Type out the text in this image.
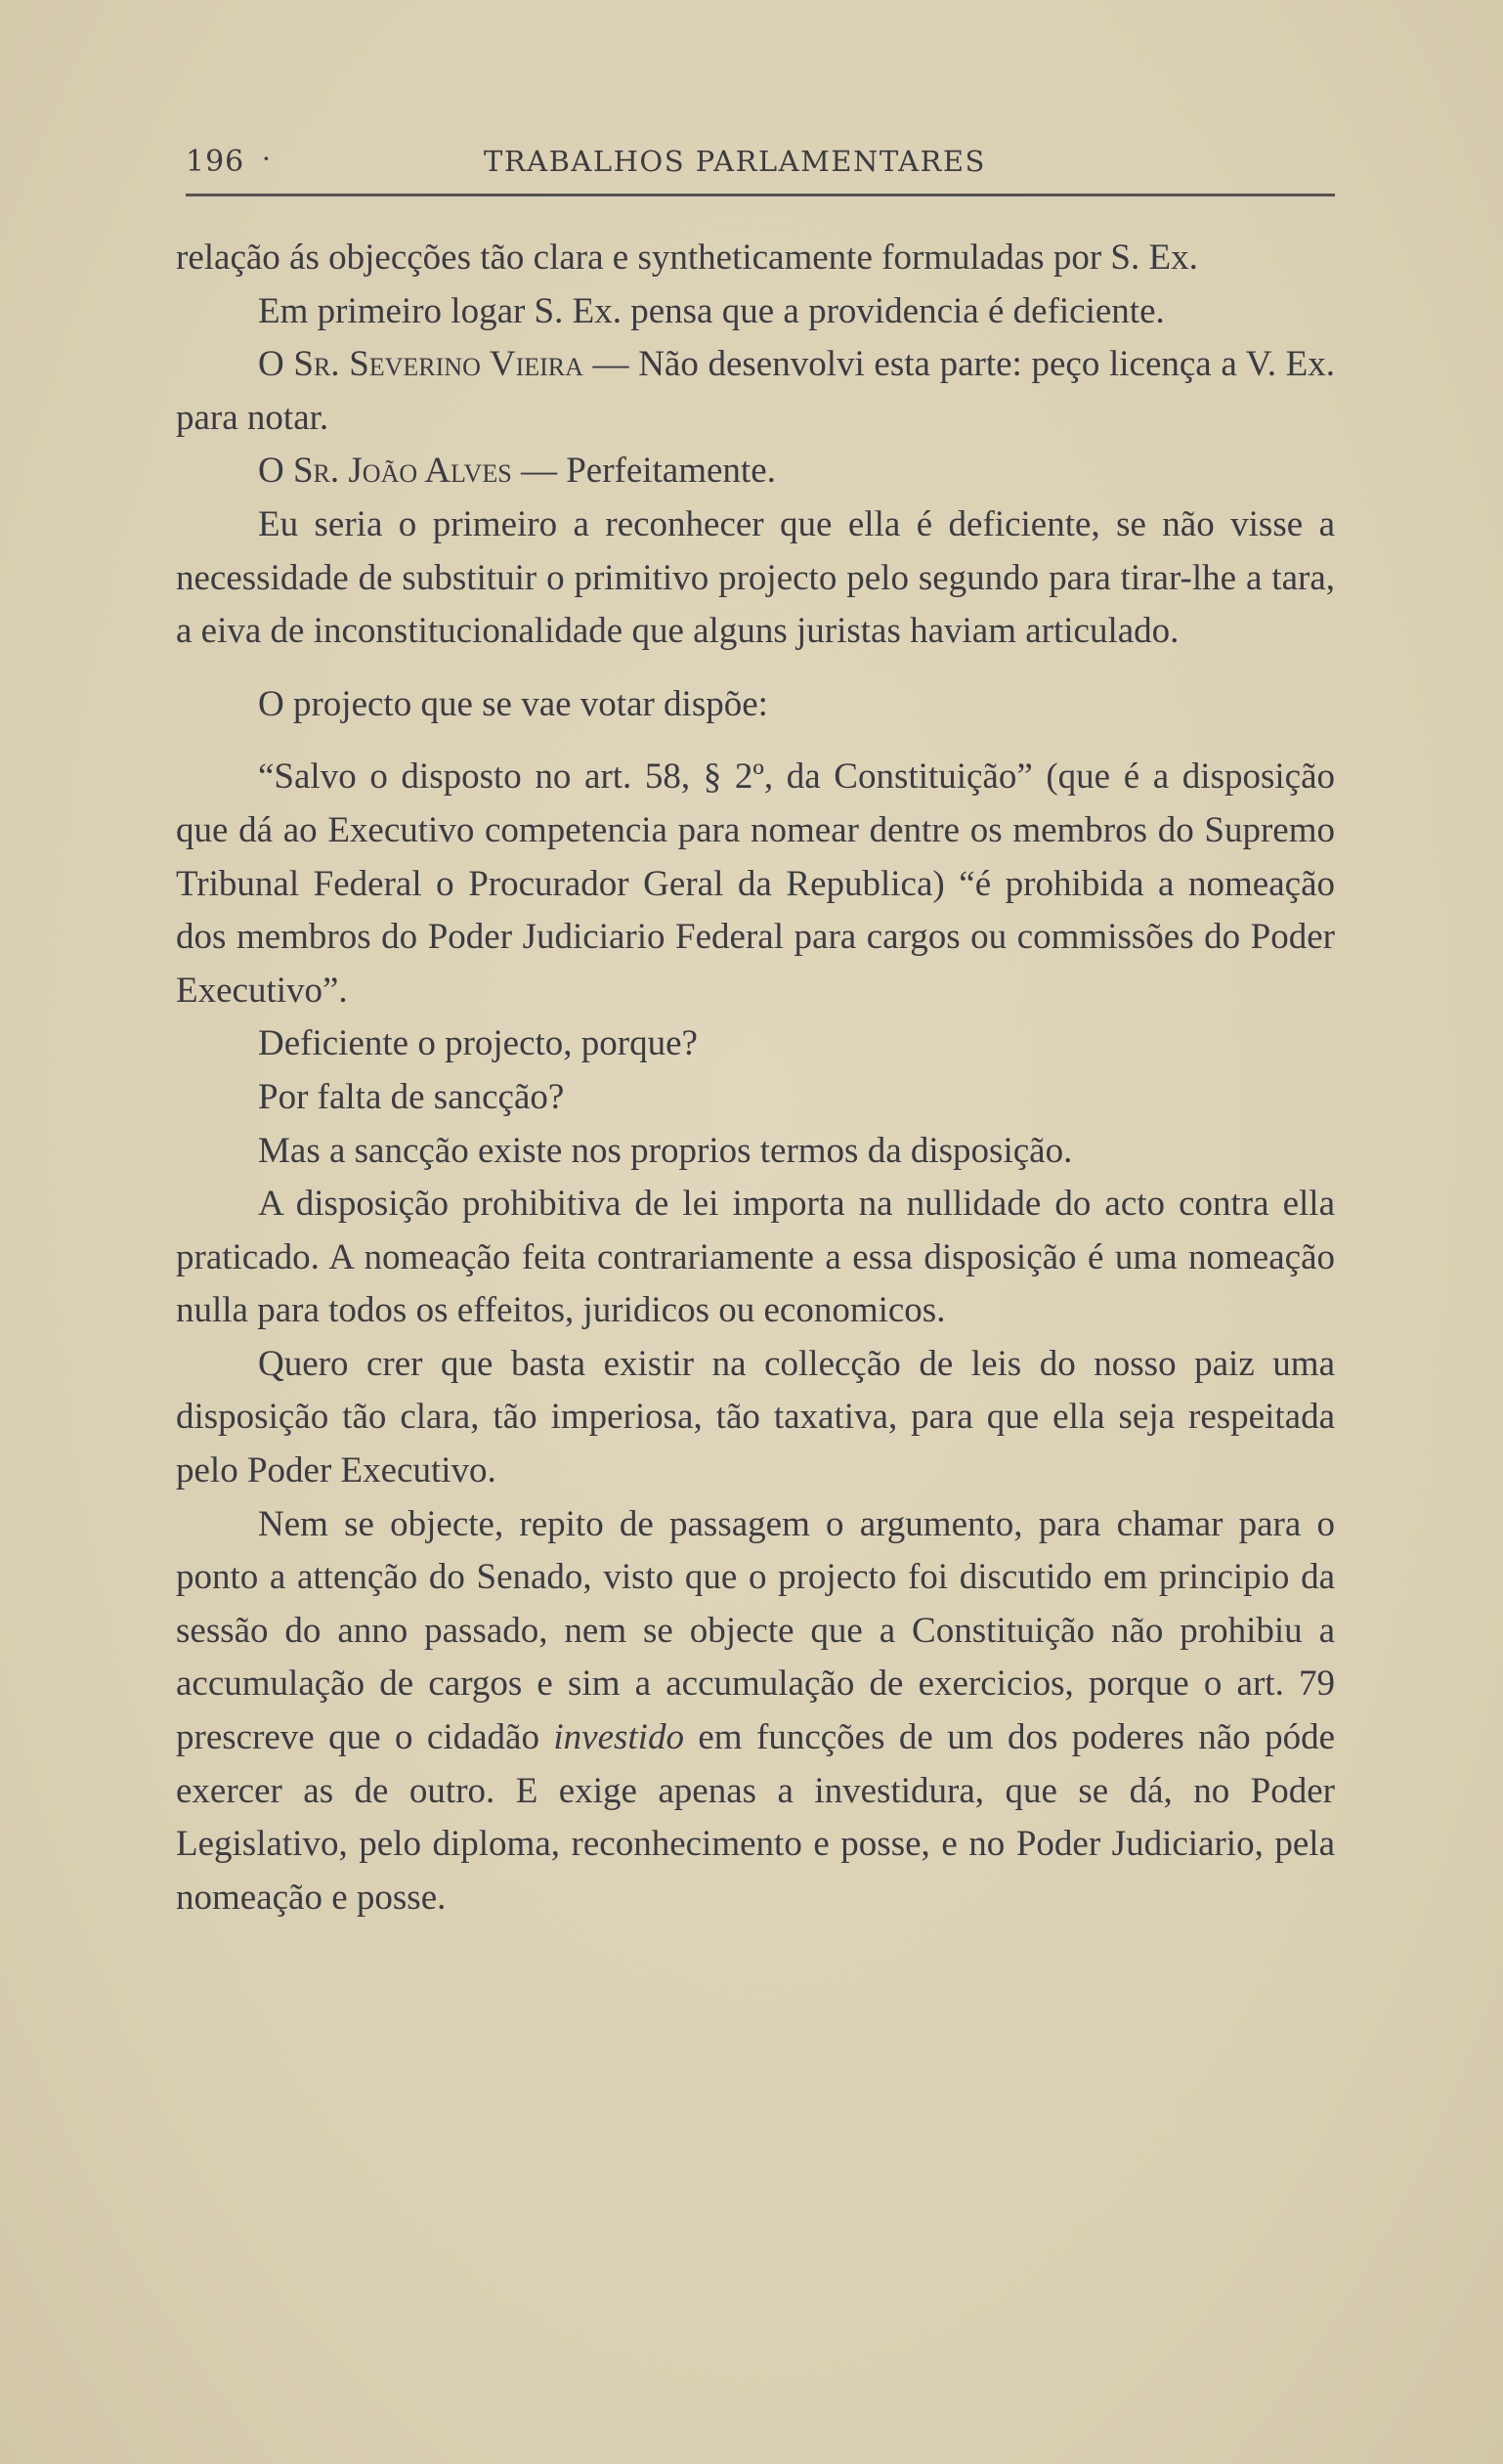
196 ·	TRABALHOS PARLAMENTARES

relação ás objecções tão clara e syntheticamente formuladas por S. Ex.

Em primeiro logar S. Ex. pensa que a providencia é deficiente.

O Sr. Severino Vieira — Não desenvolvi esta parte: peço licença a V. Ex. para notar.

O Sr. João Alves — Perfeitamente.

Eu seria o primeiro a reconhecer que ella é deficiente, se não visse a necessidade de substituir o primitivo projecto pelo segundo para tirar-lhe a tara, a eiva de inconstitucionalidade que alguns juristas haviam articulado.

O projecto que se vae votar dispõe:

“Salvo o disposto no art. 58, § 2º, da Constituição” (que é a disposição que dá ao Executivo competencia para nomear dentre os membros do Supremo Tribunal Federal o Procurador Geral da Republica) “é prohibida a nomeação dos membros do Poder Judiciario Federal para cargos ou commissões do Poder Executivo”.

Deficiente o projecto, porque?

Por falta de sancção?

Mas a sancção existe nos proprios termos da disposição.

A disposição prohibitiva de lei importa na nullidade do acto contra ella praticado. A nomeação feita contrariamente a essa disposição é uma nomeação nulla para todos os effeitos, juridicos ou economicos.

Quero crer que basta existir na collecção de leis do nosso paiz uma disposição tão clara, tão imperiosa, tão taxativa, para que ella seja respeitada pelo Poder Executivo.

Nem se objecte, repito de passagem o argumento, para chamar para o ponto a attenção do Senado, visto que o projecto foi discutido em principio da sessão do anno passado, nem se objecte que a Constituição não prohibiu a accumulação de cargos e sim a accumulação de exercicios, porque o art. 79 prescreve que o cidadão investido em funcções de um dos poderes não póde exercer as de outro. E exige apenas a investidura, que se dá, no Poder Legislativo, pelo diploma, reconhecimento e posse, e no Poder Judiciario, pela nomeação e posse.
